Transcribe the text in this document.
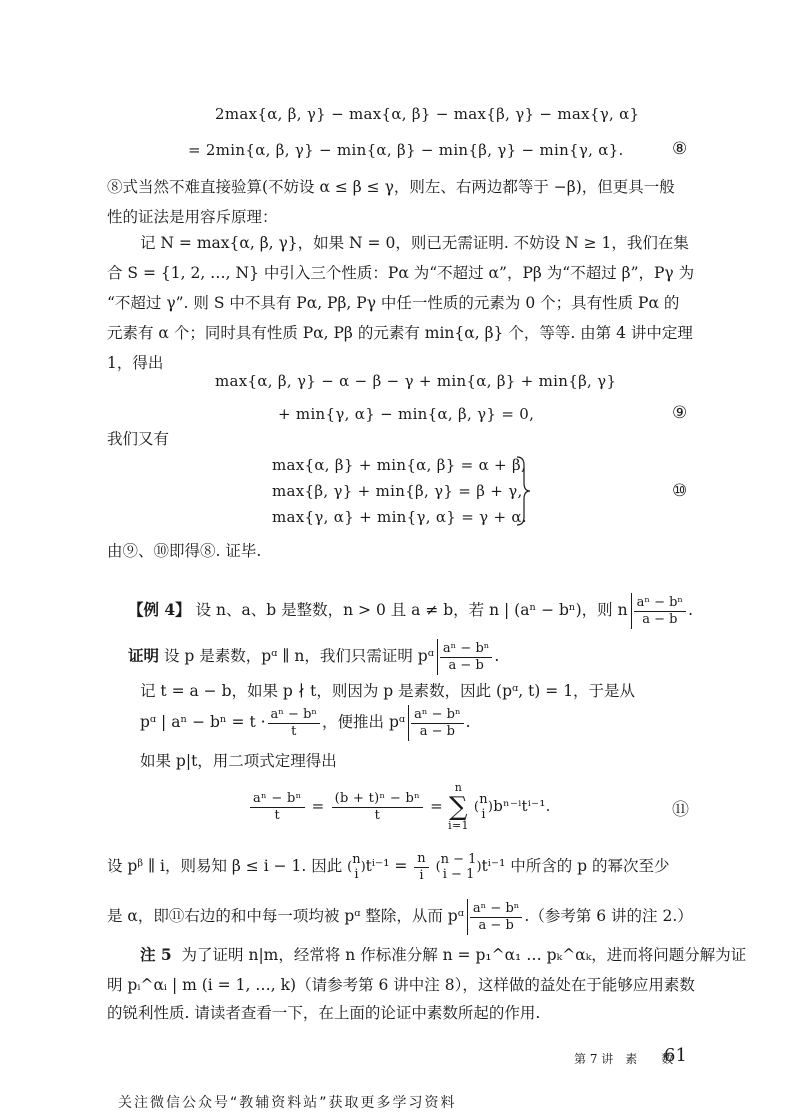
2max{α, β, γ} − max{α, β} − max{β, γ} − max{γ, α}
= 2min{α, β, γ} − min{α, β} − min{β, γ} − min{γ, α}.	⑧
⑧式当然不难直接验算(不妨设 α ≤ β ≤ γ，则左、右两边都等于 −β)，但更具一般
性的证法是用容斥原理：
记 N = max{α, β, γ}，如果 N = 0，则已无需证明. 不妨设 N ≥ 1，我们在集
合 S = {1, 2, …, N} 中引入三个性质：Pα 为“不超过 α”，Pβ 为“不超过 β”，Pγ 为
“不超过 γ”. 则 S 中不具有 Pα, Pβ, Pγ 中任一性质的元素为 0 个；具有性质 Pα 的
元素有 α 个；同时具有性质 Pα, Pβ 的元素有 min{α, β} 个，等等. 由第 4 讲中定理
1，得出
max{α, β, γ} − α − β − γ + min{α, β} + min{β, γ}
+ min{γ, α} − min{α, β, γ} = 0,	⑨
我们又有
max{α, β} + min{α, β} = α + β,
max{β, γ} + min{β, γ} = β + γ,
max{γ, α} + min{γ, α} = γ + α.
⑩
由⑨、⑩即得⑧. 证毕.
【例 4】 设 n、a、b 是整数，n > 0 且 a ≠ b，若 n | (aⁿ − bⁿ)，则 n $\frac{\text{aⁿ − bⁿ}}{a - b}$ .
证明 设 p 是素数，pᵅ ∥ n，我们只需证明 pᵅ $\frac{\text{aⁿ − bⁿ}}{a - b}$ .
记 t = a − b，如果 p ∤ t，则因为 p 是素数，因此 (pᵅ, t) = 1，于是从
pᵅ | $a^n - b^n = t \cdot \frac{\text{aⁿ − bⁿ}}{t}$ ，便推出 pᵅ $\frac{\text{aⁿ − bⁿ}}{a - b}$ .
如果 p|t，用二项式定理得出
$\frac{\text{aⁿ − bⁿ}}{t} = \frac{\text{(b + t)ⁿ − bⁿ}}{t} = n$
∑
i=1 ( n
i )bⁿ⁻ⁱtⁱ⁻¹.	⑪
设 pᵝ ∥ i，则易知 β ≤ i − 1. 因此 ( n
i )$t^{i-1} = \frac{n}{i}$ ( n − 1
i − 1 )tⁱ⁻¹ 中所含的 p 的幂次至少
是 α，即⑪右边的和中每一项均被 pᵅ 整除，从而 pᵅ $\frac{\text{aⁿ − bⁿ}}{a - b}$ .（参考第 6 讲的注 2.）
注 5 为了证明 n|m，经常将 n 作标准分解 n = p₁^α₁ … pₖ^αₖ，进而将问题分解为证
明 pᵢ^αᵢ | m (i = 1, …, k)（请参考第 6 讲中注 8），这样做的益处在于能够应用素数
的锐利性质. 请读者查看一下，在上面的论证中素数所起的作用.
第 7 讲　素　　数
61
关注微信公众号“教辅资料站”获取更多学习资料
